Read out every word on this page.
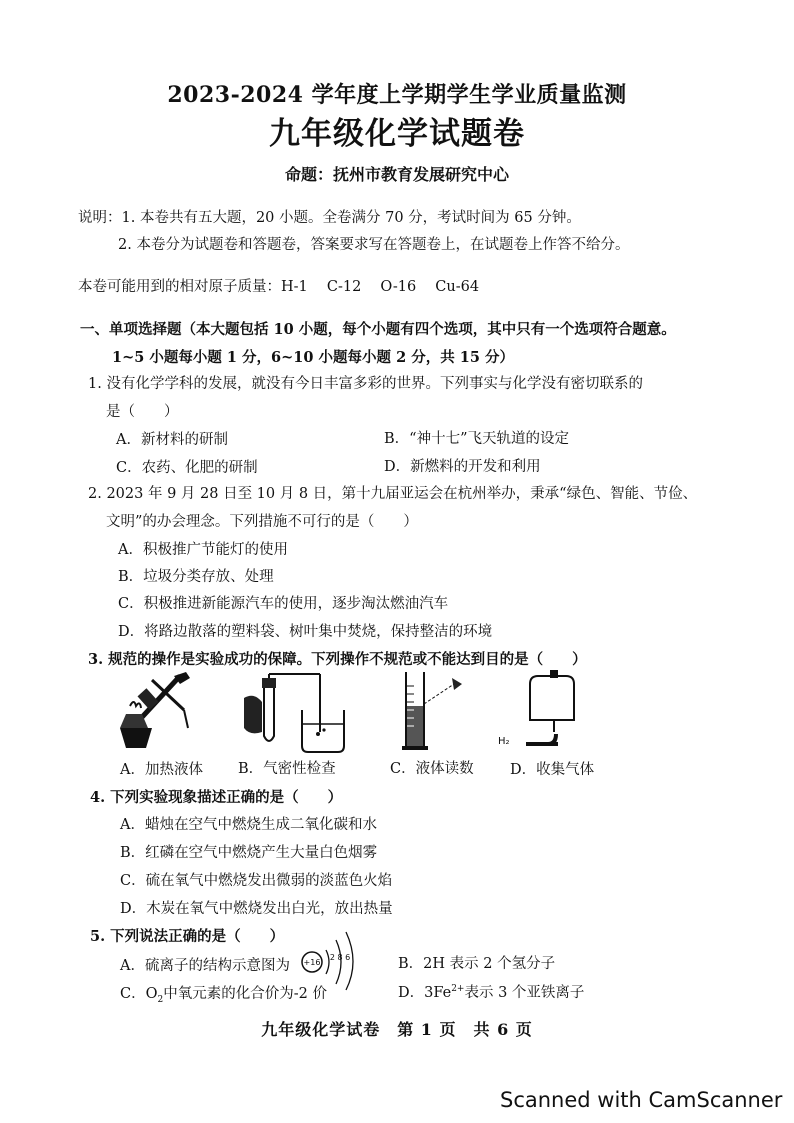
2023-2024 学年度上学期学生学业质量监测
九年级化学试题卷
命题：抚州市教育发展研究中心
说明：1. 本卷共有五大题，20 小题。全卷满分 70 分，考试时间为 65 分钟。
2. 本卷分为试题卷和答题卷，答案要求写在答题卷上，在试题卷上作答不给分。
本卷可能用到的相对原子质量：H-1　 C-12 　O-16 　Cu-64
一、单项选择题（本大题包括 10 小题，每个小题有四个选项，其中只有一个选项符合题意。
1~5 小题每小题 1 分，6~10 小题每小题 2 分，共 15 分）
1. 没有化学学科的发展，就没有今日丰富多彩的世界。下列事实与化学没有密切联系的
是（　　）
A．新材料的研制	B．“神十七”飞天轨道的设定
C．农药、化肥的研制	D．新燃料的开发和利用
2. 2023 年 9 月 28 日至 10 月 8 日，第十九届亚运会在杭州举办，秉承“绿色、智能、节俭、
文明”的办会理念。下列措施不可行的是（　　）
A．积极推广节能灯的使用
B．垃圾分类存放、处理
C．积极推进新能源汽车的使用，逐步淘汰燃油汽车
D．将路边散落的塑料袋、树叶集中焚烧，保持整洁的环境
3. 规范的操作是实验成功的保障。下列操作不规范或不能达到目的是（　　）
H₂
A．加热液体 B．气密性检查	C．液体读数	D．收集气体
4. 下列实验现象描述正确的是（　　）
A．蜡烛在空气中燃烧生成二氧化碳和水
B．红磷在空气中燃烧产生大量白色烟雾
C．硫在氧气中燃烧发出微弱的淡蓝色火焰
D．木炭在氧气中燃烧发出白光，放出热量
5. 下列说法正确的是（　　）
A．硫离子的结构示意图为 +16
2 8 6	B．2H 表示 2 个氢分子
C．$O_2$中氧元素的化合价为-2 价	D．$3Fe^{2+}$表示 3 个亚铁离子
九年级化学试卷　第 1 页　共 6 页
Scanned with CamScanner
